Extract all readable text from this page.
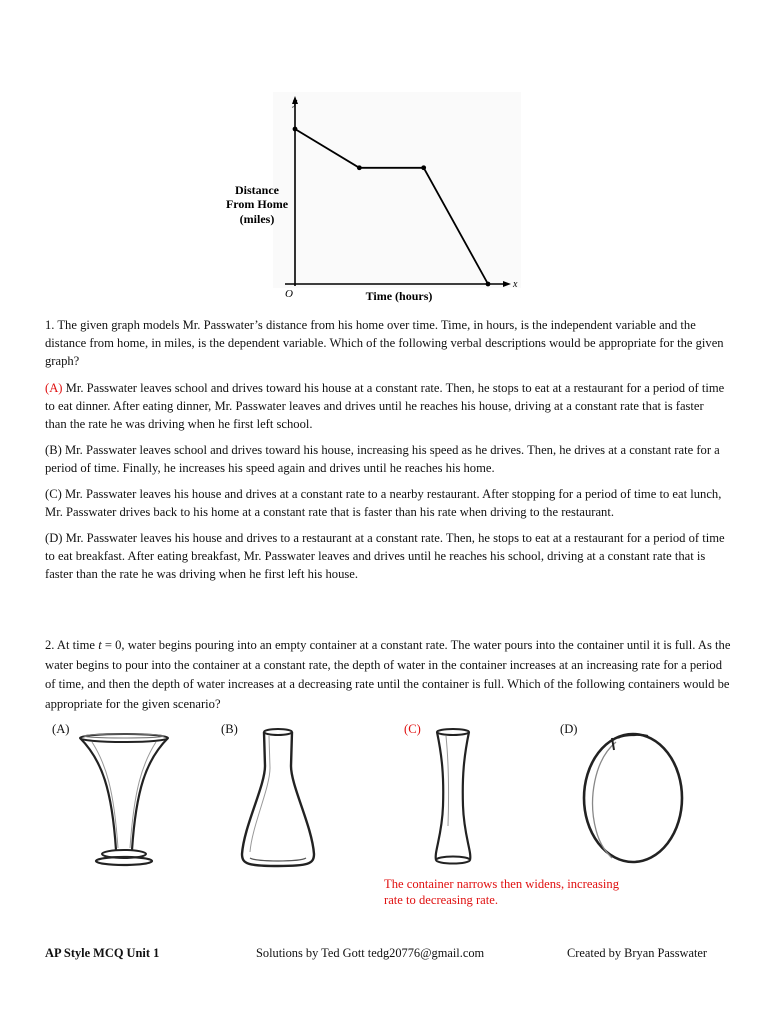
y
x
O
Distance
From Home
(miles)
Time (hours)

1. The given graph models Mr. Passwater’s distance from his home over time. Time, in hours, is the independent variable and the distance from home, in miles, is the dependent variable. Which of the following verbal descriptions would be appropriate for the given graph?

(A) Mr. Passwater leaves school and drives toward his house at a constant rate. Then, he stops to eat at a restaurant for a period of time to eat dinner. After eating dinner, Mr. Passwater leaves and drives until he reaches his house, driving at a constant rate that is faster than the rate he was driving when he first left school.

(B) Mr. Passwater leaves school and drives toward his house, increasing his speed as he drives. Then, he drives at a constant rate for a period of time. Finally, he increases his speed again and drives until he reaches his home.

(C) Mr. Passwater leaves his house and drives at a constant rate to a nearby restaurant. After stopping for a period of time to eat lunch, Mr. Passwater drives back to his home at a constant rate that is faster than his rate when driving to the restaurant.

(D) Mr. Passwater leaves his house and drives to a restaurant at a constant rate. Then, he stops to eat at a restaurant for a period of time to eat breakfast. After eating breakfast, Mr. Passwater leaves and drives until he reaches his school, driving at a constant rate that is faster than the rate he was driving when he first left his house.

2. At time t = 0, water begins pouring into an empty container at a constant rate. The water pours into the container until it is full. As the water begins to pour into the container at a constant rate, the depth of water in the container increases at an increasing rate for a period of time, and then the depth of water increases at a decreasing rate until the container is full. Which of the following containers would be appropriate for the given scenario?

(A)	(B)	(C)	(D)
The container narrows then widens, increasing rate to decreasing rate.
AP Style MCQ Unit 1	Solutions by Ted Gott tedg20776@gmail.com	Created by Bryan Passwater
